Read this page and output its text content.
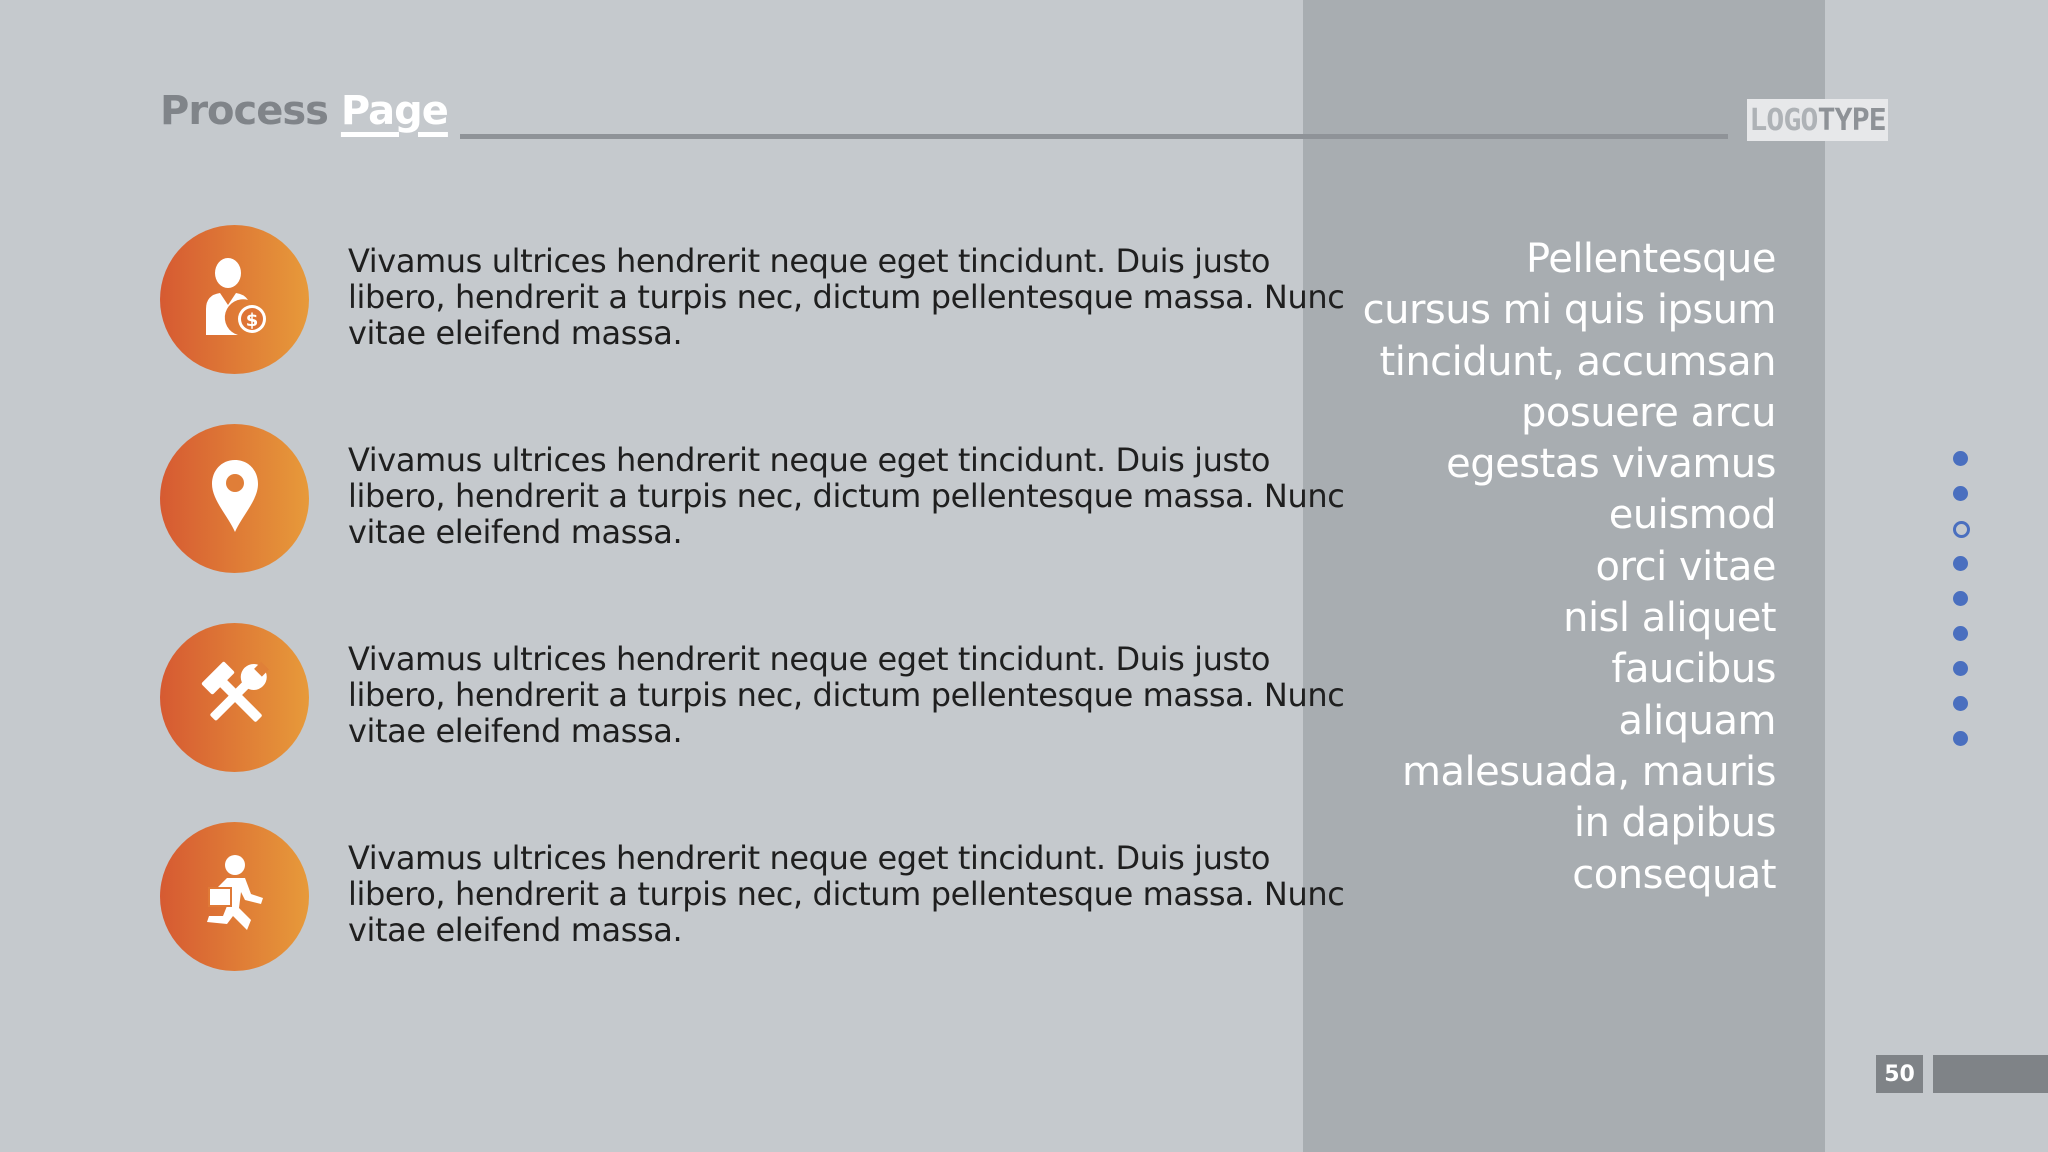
Process Page	LOGO TYPE
$
Vivamus ultrices hendrerit neque eget tincidunt. Duis justo libero, hendrerit a turpis nec, dictum pellentesque massa. Nunc vitae eleifend massa.
Vivamus ultrices hendrerit neque eget tincidunt. Duis justo libero, hendrerit a turpis nec, dictum pellentesque massa. Nunc vitae eleifend massa.
Vivamus ultrices hendrerit neque eget tincidunt. Duis justo libero, hendrerit a turpis nec, dictum pellentesque massa. Nunc vitae eleifend massa.
Vivamus ultrices hendrerit neque eget tincidunt. Duis justo libero, hendrerit a turpis nec, dictum pellentesque massa. Nunc vitae eleifend massa.
Pellentesque
cursus mi quis ipsum
tincidunt, accumsan
posuere arcu
egestas vivamus
euismod
orci vitae
nisl aliquet
faucibus
aliquam
malesuada, mauris
in dapibus
consequat
50
